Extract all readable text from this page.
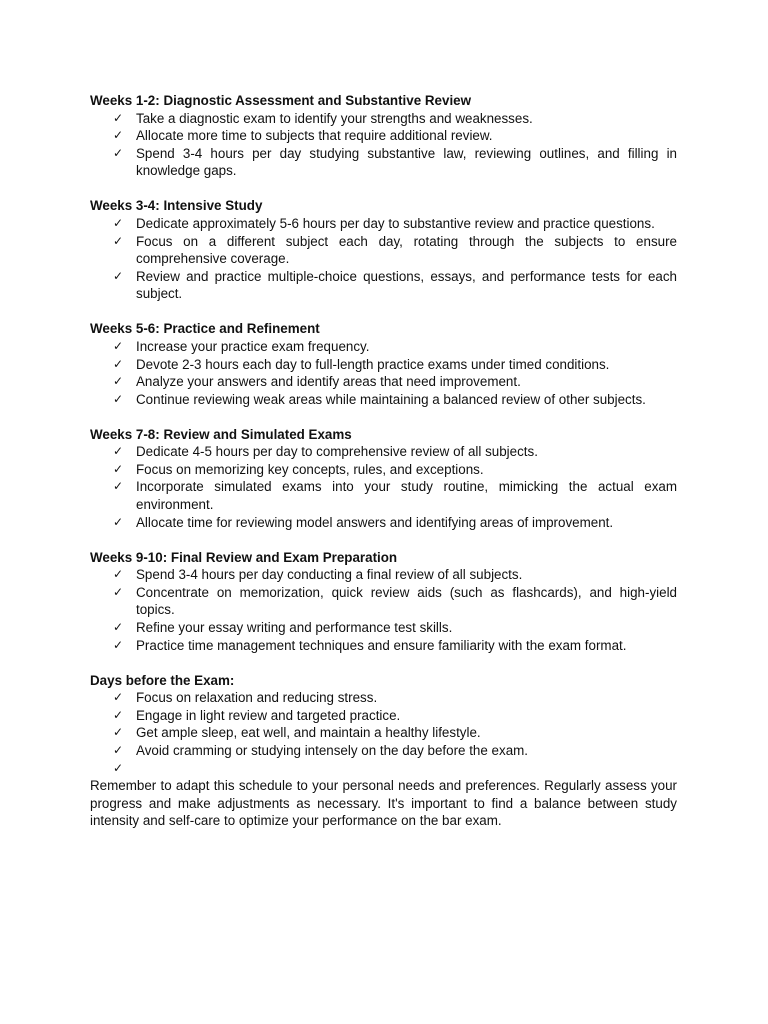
Weeks 1-2: Diagnostic Assessment and Substantive Review

✓ Take a diagnostic exam to identify your strengths and weaknesses.
✓ Allocate more time to subjects that require additional review.
✓ Spend 3-4 hours per day studying substantive law, reviewing outlines, and filling in knowledge gaps.

Weeks 3-4: Intensive Study

✓ Dedicate approximately 5-6 hours per day to substantive review and practice questions.
✓ Focus on a different subject each day, rotating through the subjects to ensure comprehensive coverage.
✓ Review and practice multiple-choice questions, essays, and performance tests for each subject.

Weeks 5-6: Practice and Refinement

✓ Increase your practice exam frequency.
✓ Devote 2-3 hours each day to full-length practice exams under timed conditions.
✓ Analyze your answers and identify areas that need improvement.
✓ Continue reviewing weak areas while maintaining a balanced review of other subjects.

Weeks 7-8: Review and Simulated Exams

✓ Dedicate 4-5 hours per day to comprehensive review of all subjects.
✓ Focus on memorizing key concepts, rules, and exceptions.
✓ Incorporate simulated exams into your study routine, mimicking the actual exam environment.
✓ Allocate time for reviewing model answers and identifying areas of improvement.

Weeks 9-10: Final Review and Exam Preparation

✓ Spend 3-4 hours per day conducting a final review of all subjects.
✓ Concentrate on memorization, quick review aids (such as flashcards), and high-yield topics.
✓ Refine your essay writing and performance test skills.
✓ Practice time management techniques and ensure familiarity with the exam format.

Days before the Exam:

✓ Focus on relaxation and reducing stress.
✓ Engage in light review and targeted practice.
✓ Get ample sleep, eat well, and maintain a healthy lifestyle.
✓ Avoid cramming or studying intensely on the day before the exam.
✓

Remember to adapt this schedule to your personal needs and preferences. Regularly assess your progress and make adjustments as necessary. It's important to find a balance between study intensity and self-care to optimize your performance on the bar exam.
